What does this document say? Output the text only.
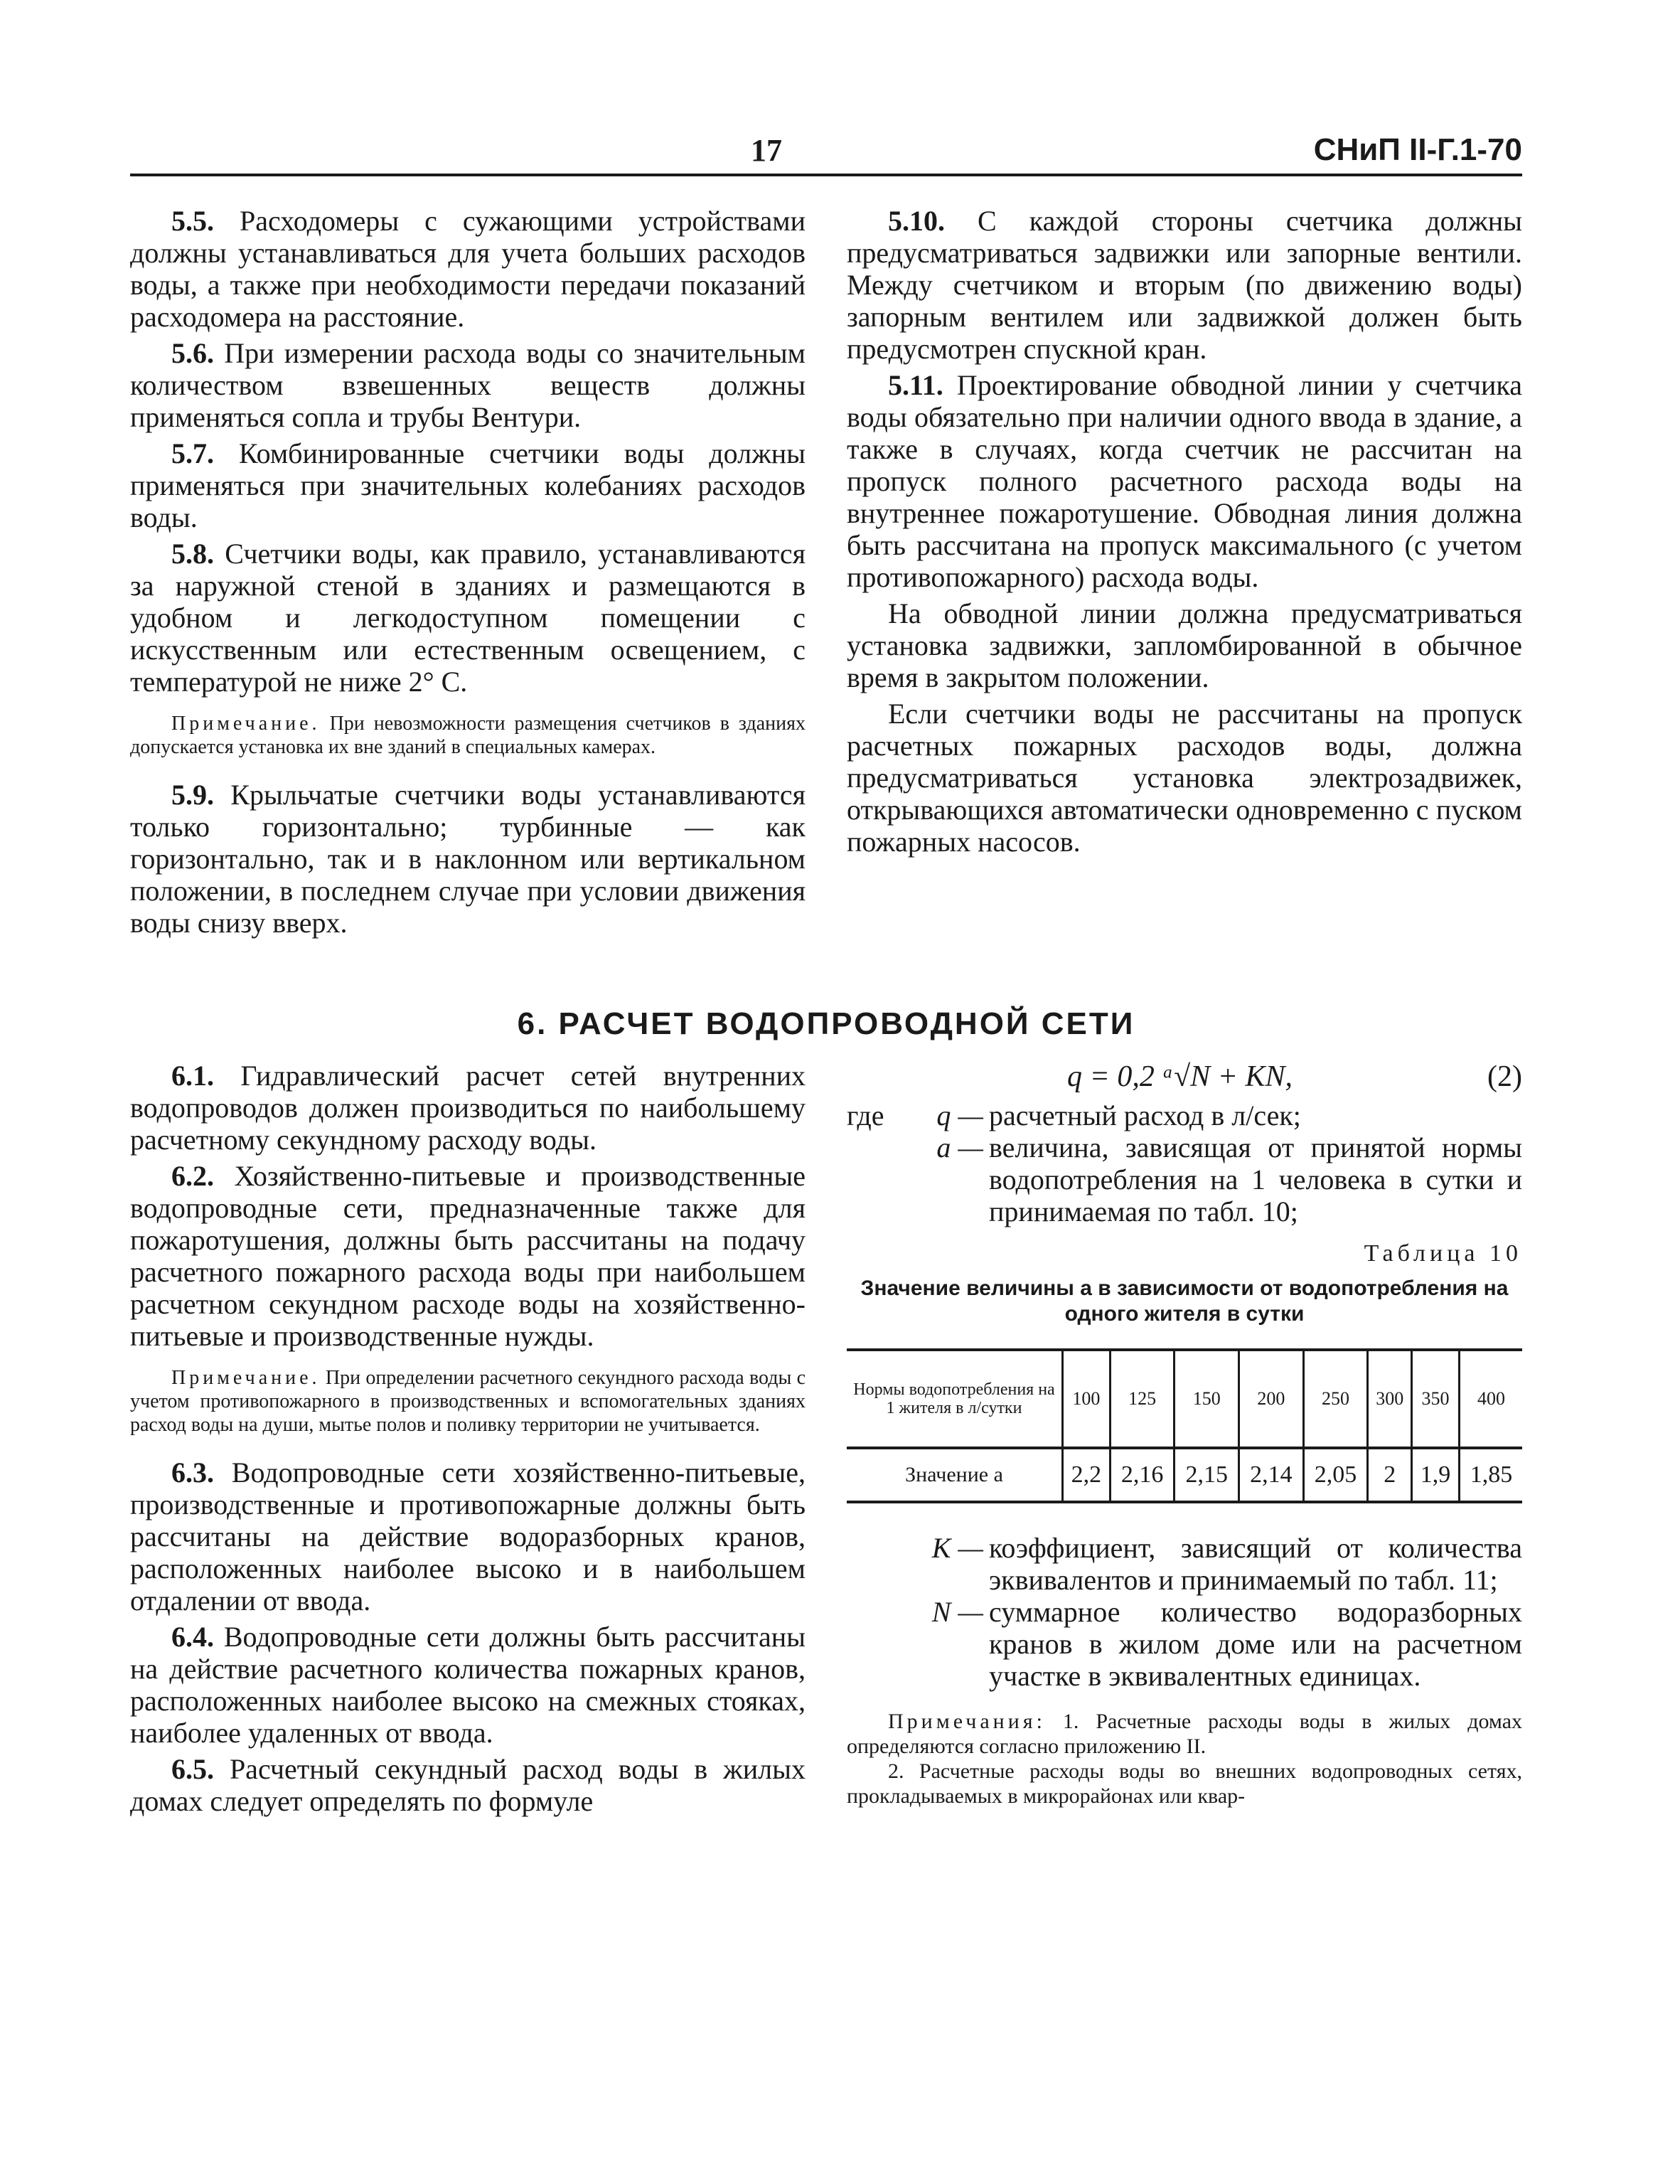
17	СНиП II-Г.1-70

5.5. Расходомеры с сужающими устройствами должны устанавливаться для учета больших расходов воды, а также при необходимости передачи показаний расходомера на расстояние.

5.6. При измерении расхода воды со значительным количеством взвешенных веществ должны применяться сопла и трубы Вентури.

5.7. Комбинированные счетчики воды должны применяться при значительных колебаниях расходов воды.

5.8. Счетчики воды, как правило, устанавливаются за наружной стеной в зданиях и размещаются в удобном и легкодоступном помещении с искусственным или естественным освещением, с температурой не ниже 2° С.

Примечание. При невозможности размещения счетчиков в зданиях допускается установка их вне зданий в специальных камерах.

5.9. Крыльчатые счетчики воды устанавливаются только горизонтально; турбинные — как горизонтально, так и в наклонном или вертикальном положении, в последнем случае при условии движения воды снизу вверх.

5.10. С каждой стороны счетчика должны предусматриваться задвижки или запорные вентили. Между счетчиком и вторым (по движению воды) запорным вентилем или задвижкой должен быть предусмотрен спускной кран.

5.11. Проектирование обводной линии у счетчика воды обязательно при наличии одного ввода в здание, а также в случаях, когда счетчик не рассчитан на пропуск полного расчетного расхода воды на внутреннее пожаротушение. Обводная линия должна быть рассчитана на пропуск максимального (с учетом противопожарного) расхода воды.

На обводной линии должна предусматриваться установка задвижки, запломбированной в обычное время в закрытом положении.

Если счетчики воды не рассчитаны на пропуск расчетных пожарных расходов воды, должна предусматриваться установка электрозадвижек, открывающихся автоматически одновременно с пуском пожарных насосов.

6. РАСЧЕТ ВОДОПРОВОДНОЙ СЕТИ

6.1. Гидравлический расчет сетей внутренних водопроводов должен производиться по наибольшему расчетному секундному расходу воды.

6.2. Хозяйственно-питьевые и производственные водопроводные сети, предназначенные также для пожаротушения, должны быть рассчитаны на подачу расчетного пожарного расхода воды при наибольшем расчетном секундном расходе воды на хозяйственно-питьевые и производственные нужды.

Примечание. При определении расчетного секундного расхода воды с учетом противопожарного в производственных и вспомогательных зданиях расход воды на души, мытье полов и поливку территории не учитывается.

6.3. Водопроводные сети хозяйственно-питьевые, производственные и противопожарные должны быть рассчитаны на действие водоразборных кранов, расположенных наиболее высоко и в наибольшем отдалении от ввода.

6.4. Водопроводные сети должны быть рассчитаны на действие расчетного количества пожарных кранов, расположенных наиболее высоко на смежных стояках, наиболее удаленных от ввода.

6.5. Расчетный секундный расход воды в жилых домах следует определять по формуле

q = 0,2 ᵃ√N + KN,	(2)
где	q — расчетный расход в л/сек;
a — величина, зависящая от принятой нормы водопотребления на 1 человека в сутки и принимаемая по табл. 10;
Таблица 10
Значение величины a в зависимости от водопотребления на одного жителя в сутки
Нормы водопотребления на 1 жителя в л/сутки	100	125	150	200	250	300	350	400
Значение a	2,2	2,16	2,15	2,14	2,05	2	1,9	1,85
K — коэффициент, зависящий от количества эквивалентов и принимаемый по табл. 11;
N — суммарное количество водоразборных кранов в жилом доме или на расчетном участке в эквивалентных единицах.

Примечания: 1. Расчетные расходы воды в жилых домах определяются согласно приложению II.

2. Расчетные расходы воды во внешних водопроводных сетях, прокладываемых в микрорайонах или квар-
